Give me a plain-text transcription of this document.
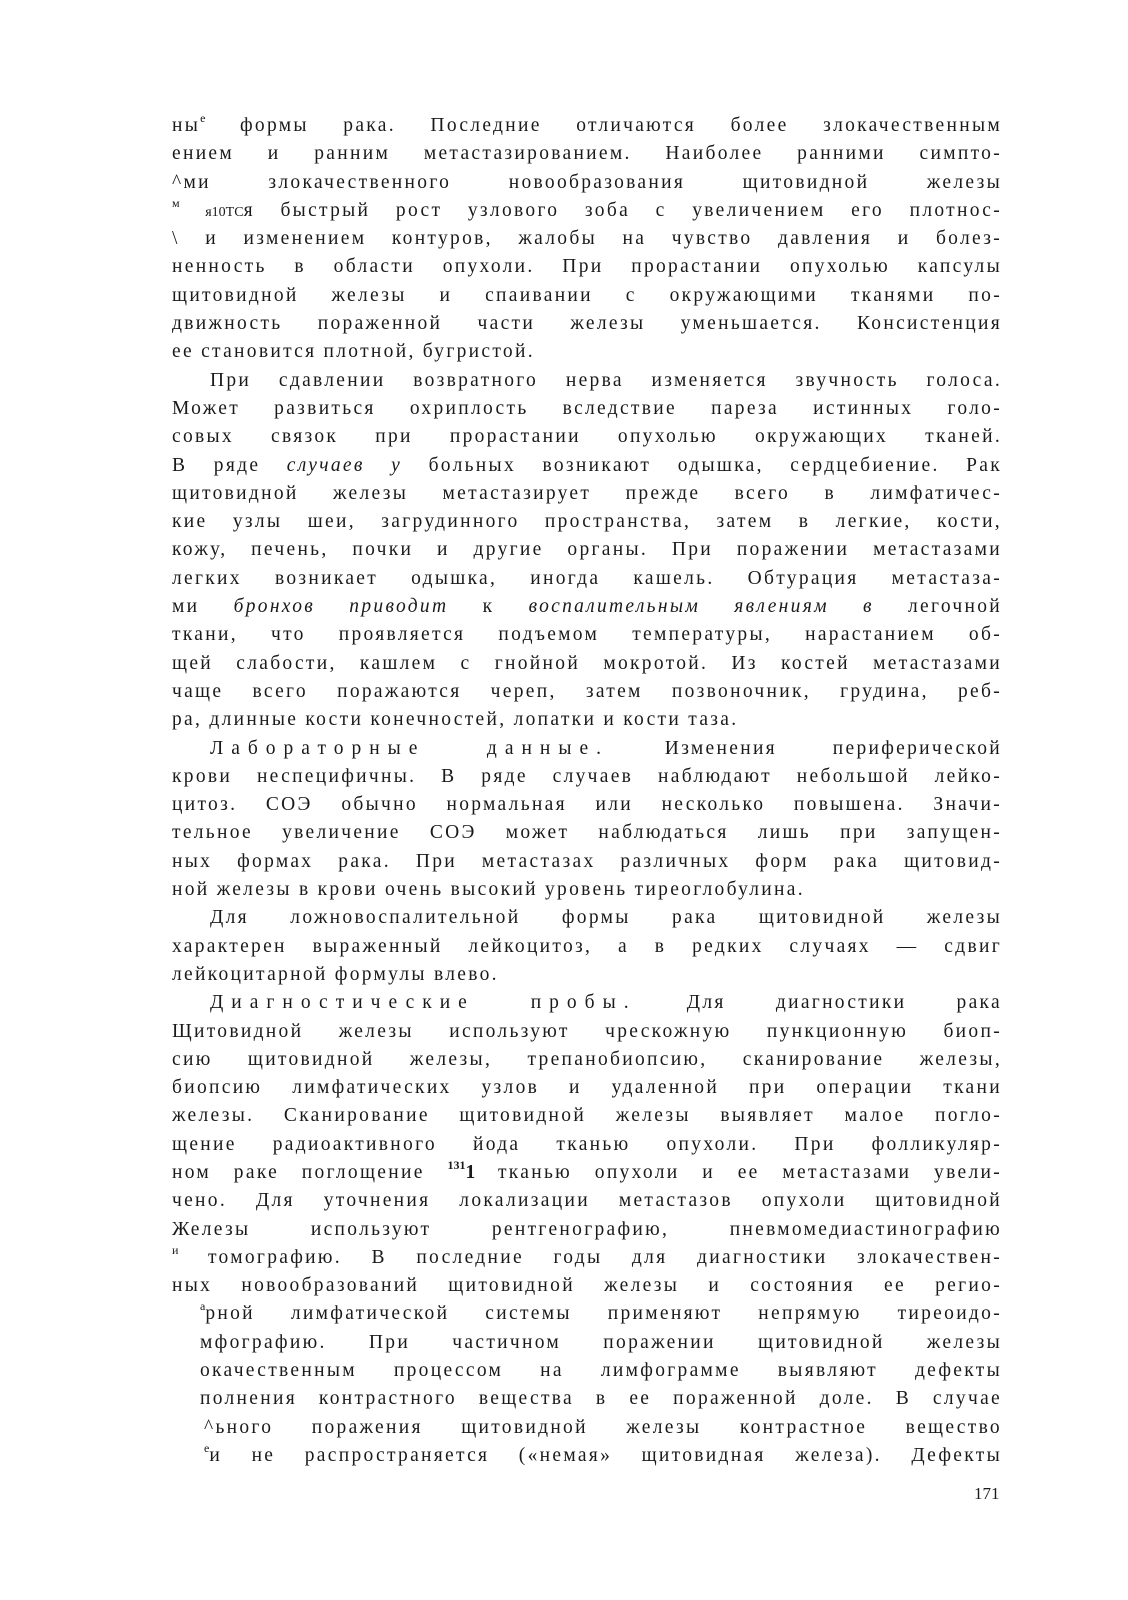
$ны^е$ формы рака. Последние отличаются более злокачественным
ением и ранним метастазированием. Наиболее ранними симпто-
^ми злокачественного новообразования щитовидной железы
$^м$ я10ТСя быстрый рост узлового зоба с увеличением его плотнос-
\ и изменением контуров, жалобы на чувство давления и болез-
ненность в области опухоли. При прорастании опухолью капсулы
щитовидной железы и спаивании с окружающими тканями по-
движность пораженной части железы уменьшается. Консистенция
ее становится плотной, бугристой.
При сдавлении возвратного нерва изменяется звучность голоса.
Может развиться охриплость вследствие пареза истинных голо-
совых связок при прорастании опухолью окружающих тканей.
В ряде случаев у больных возникают одышка, сердцебиение. Рак
щитовидной железы метастазирует прежде всего в лимфатичес-
кие узлы шеи, загрудинного пространства, затем в легкие, кости,
кожу, печень, почки и другие органы. При поражении метастазами
легких возникает одышка, иногда кашель. Обтурация метастаза-
ми бронхов приводит к воспалительным явлениям в легочной
ткани, что проявляется подъемом температуры, нарастанием об-
щей слабости, кашлем с гнойной мокротой. Из костей метастазами
чаще всего поражаются череп, затем позвоночник, грудина, реб-
ра, длинные кости конечностей, лопатки и кости таза.
Лабораторные данные. Изменения периферической
крови неспецифичны. В ряде случаев наблюдают небольшой лейко-
цитоз. СОЭ обычно нормальная или несколько повышена. Значи-
тельное увеличение СОЭ может наблюдаться лишь при запущен-
ных формах рака. При метастазах различных форм рака щитовид-
ной железы в крови очень высокий уровень тиреоглобулина.
Для ложновоспалительной формы рака щитовидной железы
характерен выраженный лейкоцитоз, а в редких случаях — сдвиг
лейкоцитарной формулы влево.
Диагностические пробы. Для диагностики рака
Щитовидной железы используют чрескожную пункционную биоп-
сию щитовидной железы, трепанобиопсию, сканирование железы,
биопсию лимфатических узлов и удаленной при операции ткани
железы. Сканирование щитовидной железы выявляет малое погло-
щение радиоактивного йода тканью опухоли. При фолликуляр-
ном раке поглощение $^{131}$1 тканью опухоли и ее метастазами увели-
чено. Для уточнения локализации метастазов опухоли щитовидной
Железы используют рентгенографию, пневмомедиастинографию
$^и$ томографию. В последние годы для диагностики злокачествен-
ных новообразований щитовидной железы и состояния ее регио-
$^а$рной лимфатической системы применяют непрямую тиреоидо-
мфографию. При частичном поражении щитовидной железы
окачественным процессом на лимфограмме выявляют дефекты
полнения контрастного вещества в ее пораженной доле. В случае
^ьного поражения щитовидной железы контрастное вещество
$^е$и не распространяется («немая» щитовидная железа). Дефекты
171
